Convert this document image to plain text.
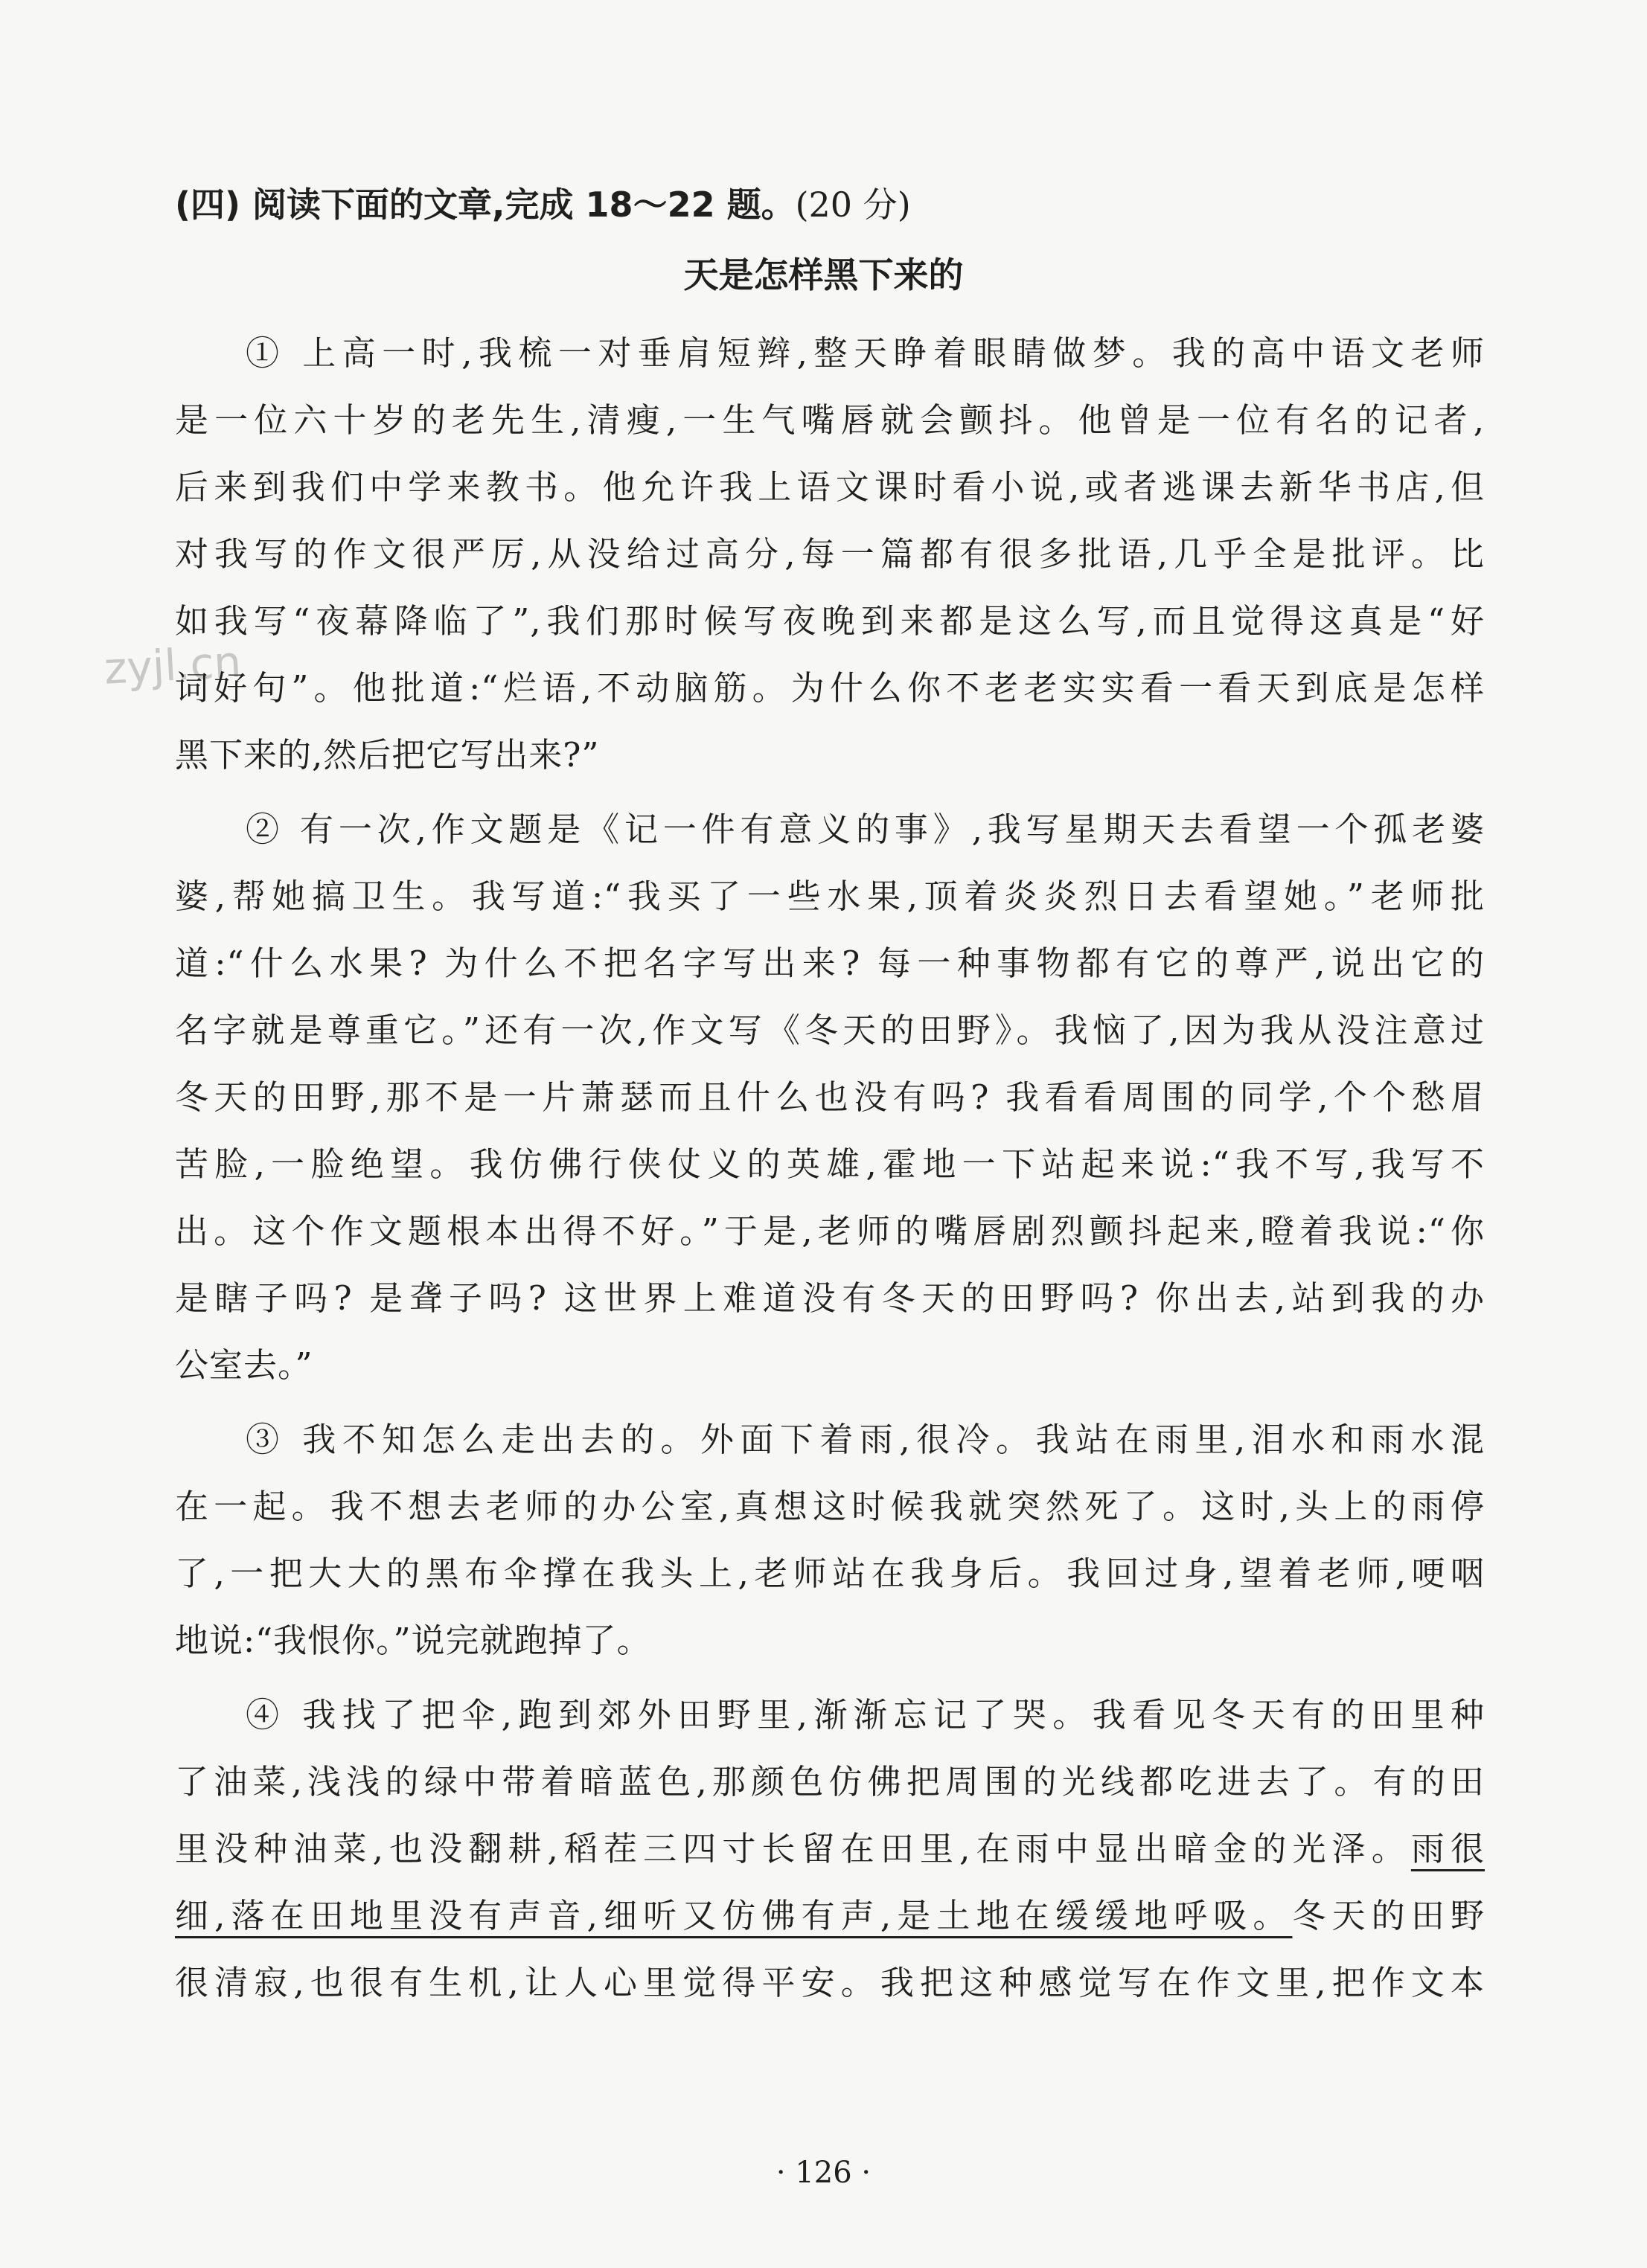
zyjl.cn
(四) 阅读下面的文章,完成 18～22 题。(20 分)
天是怎样黑下来的
① 上高一时,我梳一对垂肩短辫,整天睁着眼睛做梦。我的高中语文老师
是一位六十岁的老先生,清瘦,一生气嘴唇就会颤抖。他曾是一位有名的记者,
后来到我们中学来教书。他允许我上语文课时看小说,或者逃课去新华书店,但
对我写的作文很严厉,从没给过高分,每一篇都有很多批语,几乎全是批评。比
如我写“夜幕降临了”,我们那时候写夜晚到来都是这么写,而且觉得这真是“好
词好句”。他批道:“烂语,不动脑筋。为什么你不老老实实看一看天到底是怎样
黑下来的,然后把它写出来?”
② 有一次,作文题是《记一件有意义的事》,我写星期天去看望一个孤老婆
婆,帮她搞卫生。我写道:“我买了一些水果,顶着炎炎烈日去看望她。”老师批
道:“什么水果? 为什么不把名字写出来? 每一种事物都有它的尊严,说出它的
名字就是尊重它。”还有一次,作文写《冬天的田野》。我恼了,因为我从没注意过
冬天的田野,那不是一片萧瑟而且什么也没有吗? 我看看周围的同学,个个愁眉
苦脸,一脸绝望。我仿佛行侠仗义的英雄,霍地一下站起来说:“我不写,我写不
出。这个作文题根本出得不好。”于是,老师的嘴唇剧烈颤抖起来,瞪着我说:“你
是瞎子吗? 是聋子吗? 这世界上难道没有冬天的田野吗? 你出去,站到我的办
公室去。”
③ 我不知怎么走出去的。外面下着雨,很冷。我站在雨里,泪水和雨水混
在一起。我不想去老师的办公室,真想这时候我就突然死了。这时,头上的雨停
了,一把大大的黑布伞撑在我头上,老师站在我身后。我回过身,望着老师,哽咽
地说:“我恨你。”说完就跑掉了。
④ 我找了把伞,跑到郊外田野里,渐渐忘记了哭。我看见冬天有的田里种
了油菜,浅浅的绿中带着暗蓝色,那颜色仿佛把周围的光线都吃进去了。有的田
里没种油菜,也没翻耕,稻茬三四寸长留在田里,在雨中显出暗金的光泽。雨很
细,落在田地里没有声音,细听又仿佛有声,是土地在缓缓地呼吸。冬天的田野
很清寂,也很有生机,让人心里觉得平安。我把这种感觉写在作文里,把作文本
· 126 ·
